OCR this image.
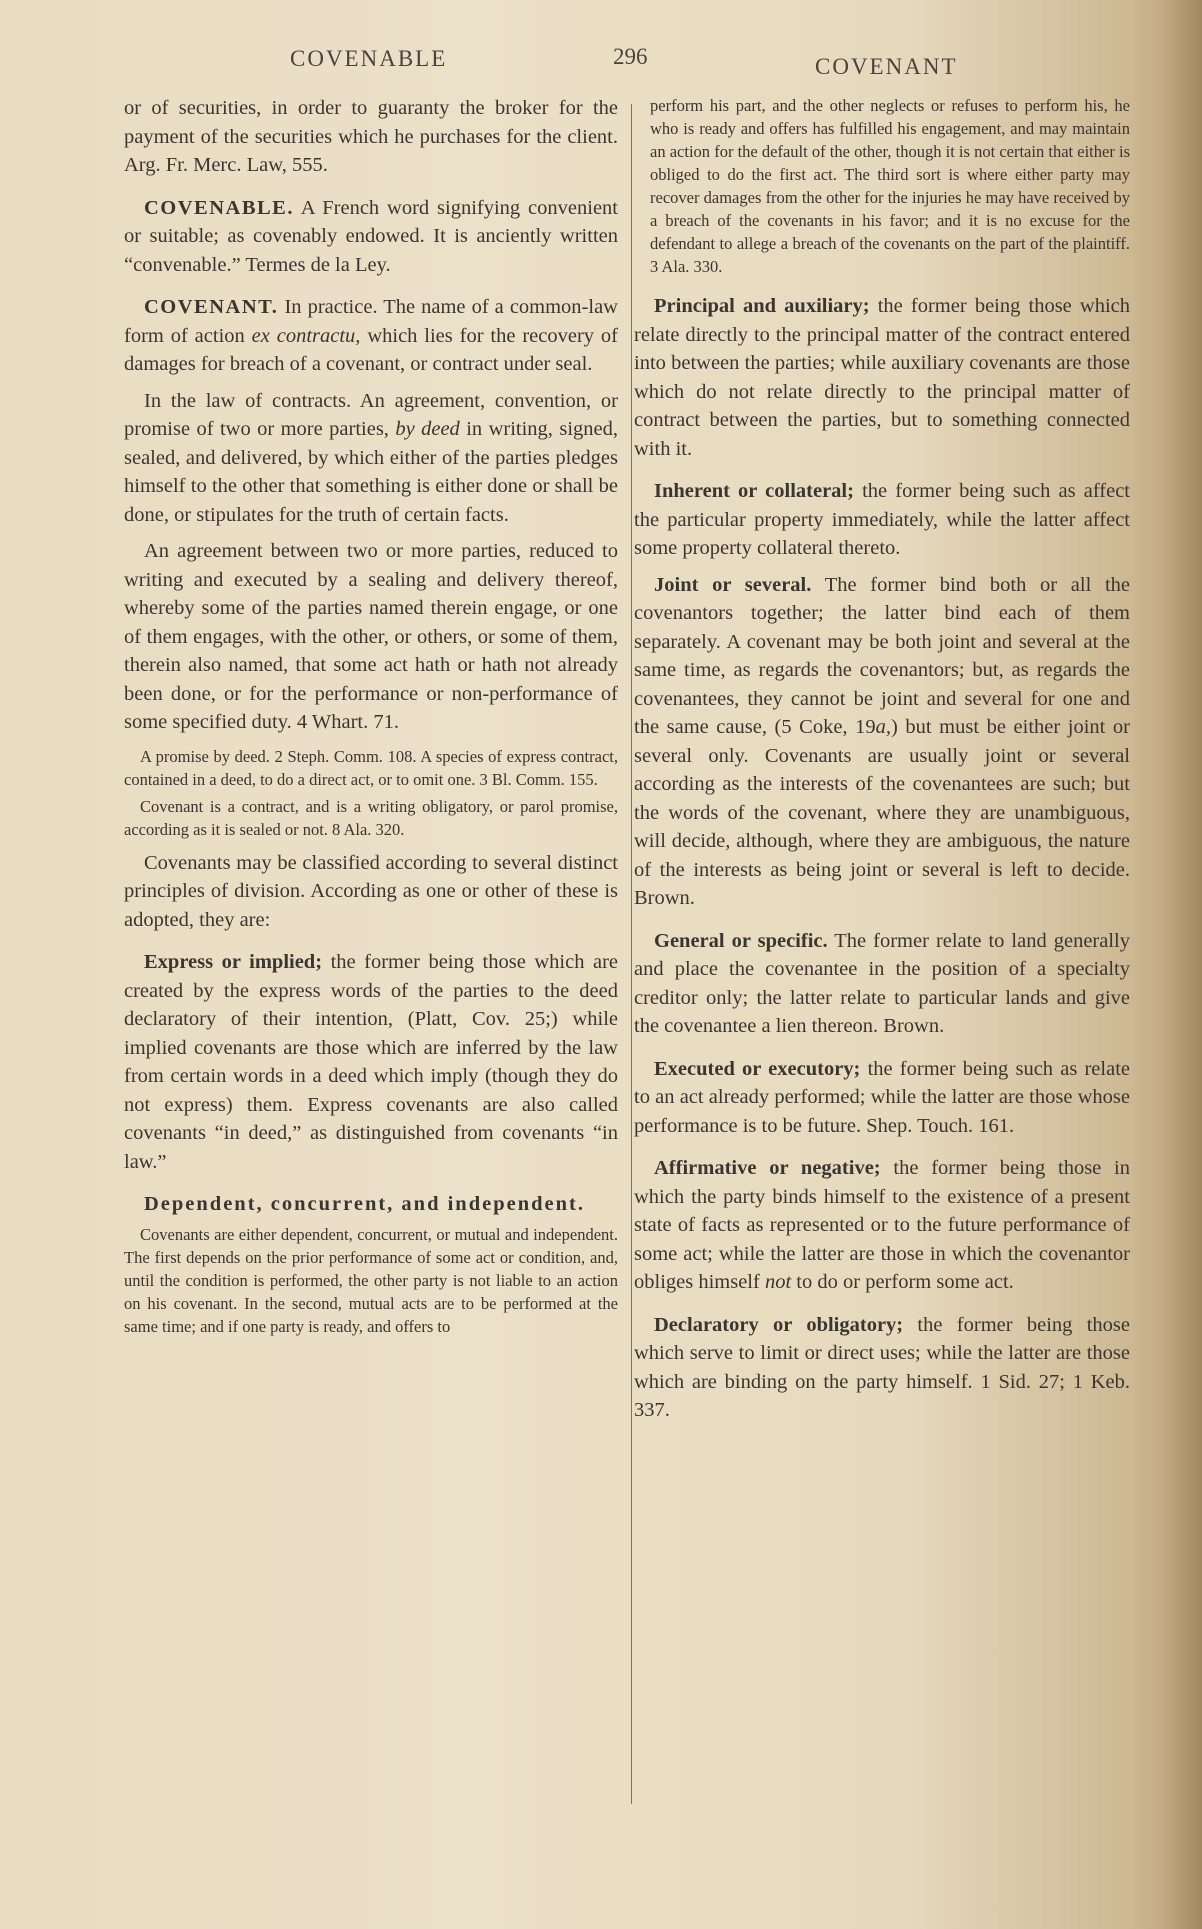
COVENABLE	296	COVENANT

or of securities, in order to guaranty the broker for the payment of the securities which he purchases for the client. Arg. Fr. Merc. Law, 555.

COVENABLE. A French word signifying convenient or suitable; as covenably endowed. It is anciently written “convenable.” Termes de la Ley.

COVENANT. In practice. The name of a common-law form of action ex contractu, which lies for the recovery of damages for breach of a covenant, or contract under seal.

In the law of contracts. An agreement, convention, or promise of two or more parties, by deed in writing, signed, sealed, and delivered, by which either of the parties pledges himself to the other that something is either done or shall be done, or stipulates for the truth of certain facts.

An agreement between two or more parties, reduced to writing and executed by a sealing and delivery thereof, whereby some of the parties named therein engage, or one of them engages, with the other, or others, or some of them, therein also named, that some act hath or hath not already been done, or for the performance or non-performance of some specified duty. 4 Whart. 71.

A promise by deed. 2 Steph. Comm. 108. A species of express contract, contained in a deed, to do a direct act, or to omit one. 3 Bl. Comm. 155.

Covenant is a contract, and is a writing obligatory, or parol promise, according as it is sealed or not. 8 Ala. 320.

Covenants may be classified according to several distinct principles of division. According as one or other of these is adopted, they are:

Express or implied; the former being those which are created by the express words of the parties to the deed declaratory of their intention, (Platt, Cov. 25;) while implied covenants are those which are inferred by the law from certain words in a deed which imply (though they do not express) them. Express covenants are also called covenants “in deed,” as distinguished from covenants “in law.”

Dependent, concurrent, and independent.

Covenants are either dependent, concurrent, or mutual and independent. The first depends on the prior performance of some act or condition, and, until the condition is performed, the other party is not liable to an action on his covenant. In the second, mutual acts are to be performed at the same time; and if one party is ready, and offers to

perform his part, and the other neglects or refuses to perform his, he who is ready and offers has fulfilled his engagement, and may maintain an action for the default of the other, though it is not certain that either is obliged to do the first act. The third sort is where either party may recover damages from the other for the injuries he may have received by a breach of the covenants in his favor; and it is no excuse for the defendant to allege a breach of the covenants on the part of the plaintiff. 3 Ala. 330.

Principal and auxiliary; the former being those which relate directly to the principal matter of the contract entered into between the parties; while auxiliary covenants are those which do not relate directly to the principal matter of contract between the parties, but to something connected with it.

Inherent or collateral; the former being such as affect the particular property immediately, while the latter affect some property collateral thereto.

Joint or several. The former bind both or all the covenantors together; the latter bind each of them separately. A covenant may be both joint and several at the same time, as regards the covenantors; but, as regards the covenantees, they cannot be joint and several for one and the same cause, (5 Coke, 19a,) but must be either joint or several only. Covenants are usually joint or several according as the interests of the covenantees are such; but the words of the covenant, where they are unambiguous, will decide, although, where they are ambiguous, the nature of the interests as being joint or several is left to decide. Brown.

General or specific. The former relate to land generally and place the covenantee in the position of a specialty creditor only; the latter relate to particular lands and give the covenantee a lien thereon. Brown.

Executed or executory; the former being such as relate to an act already performed; while the latter are those whose performance is to be future. Shep. Touch. 161.

Affirmative or negative; the former being those in which the party binds himself to the existence of a present state of facts as represented or to the future performance of some act; while the latter are those in which the covenantor obliges himself not to do or perform some act.

Declaratory or obligatory; the former being those which serve to limit or direct uses; while the latter are those which are binding on the party himself. 1 Sid. 27; 1 Keb. 337.
